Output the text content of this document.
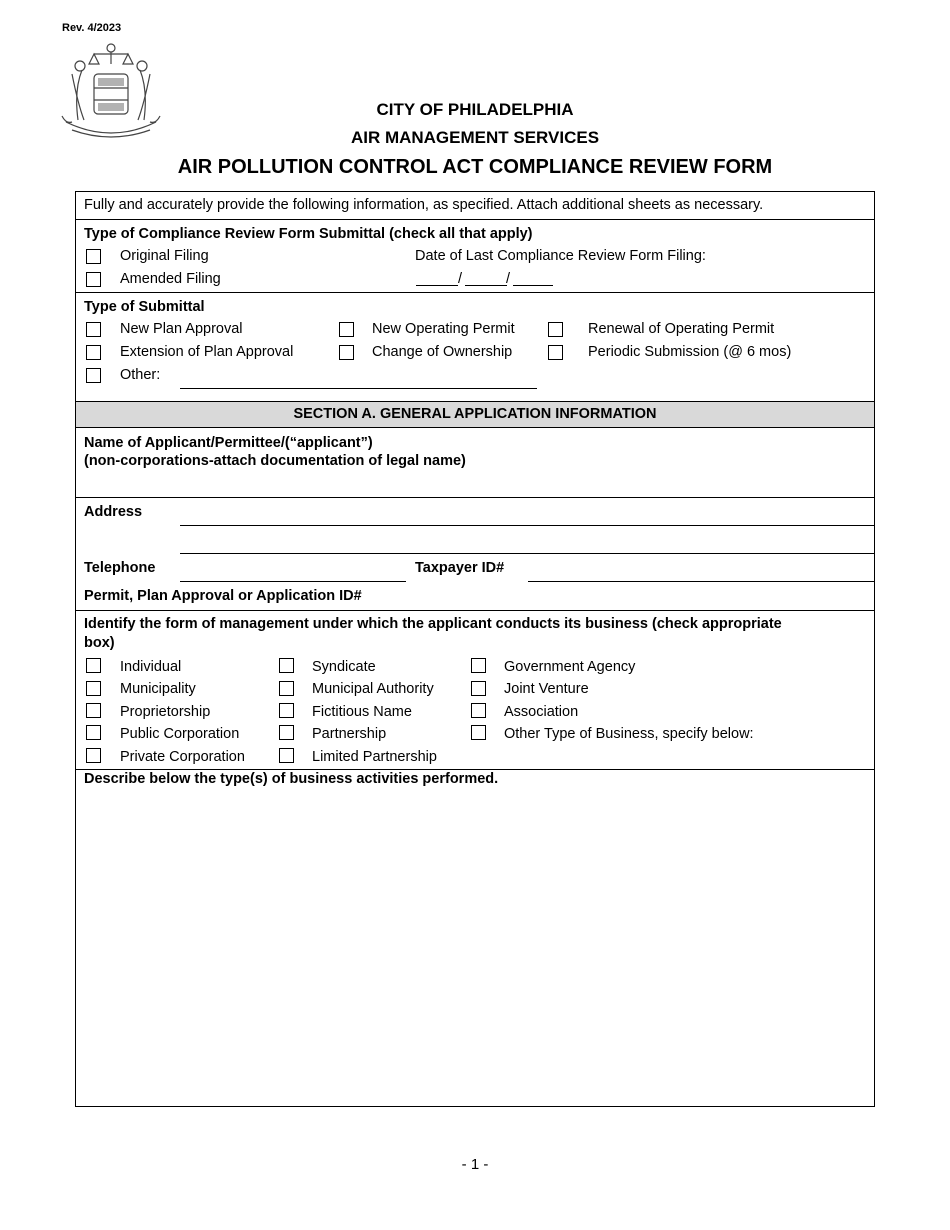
Rev. 4/2023
CITY OF PHILADELPHIA
AIR MANAGEMENT SERVICES
AIR POLLUTION CONTROL ACT COMPLIANCE REVIEW FORM
Fully and accurately provide the following information, as specified. Attach additional sheets as necessary.
Type of Compliance Review Form Submittal (check all that apply)
Original Filing
Amended Filing
Date of Last Compliance Review Form Filing:
/	/
Type of Submittal
New Plan Approval	New Operating Permit	Renewal of Operating Permit
Extension of Plan Approval	Change of Ownership	Periodic Submission (@ 6 mos)
Other:
SECTION A. GENERAL APPLICATION INFORMATION
Name of Applicant/Permittee/(“applicant”)
(non-corporations-attach documentation of legal name)
Address
Telephone	Taxpayer ID#
Permit, Plan Approval or Application ID#
Identify the form of management under which the applicant conducts its business (check appropriate
box)
Individual	Syndicate	Government Agency
Municipality	Municipal Authority	Joint Venture
Proprietorship	Fictitious Name	Association
Public Corporation	Partnership	Other Type of Business, specify below:
Private Corporation	Limited Partnership
Describe below the type(s) of business activities performed.
- 1 -
